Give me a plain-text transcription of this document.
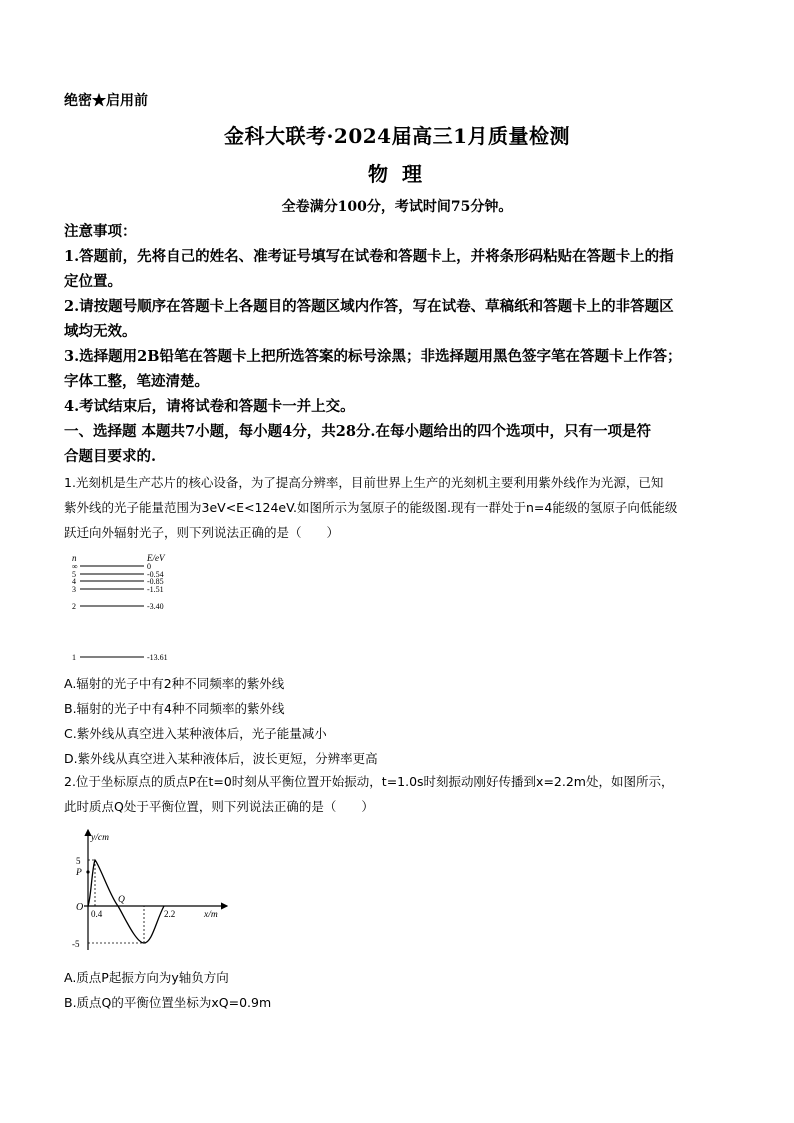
绝密★启用前
金科大联考·2024届高三1月质量检测
物理
全卷满分100分，考试时间75分钟。

注意事项：

1.答题前，先将自己的姓名、准考证号填写在试卷和答题卡上，并将条形码粘贴在答题卡上的指

定位置。

2.请按题号顺序在答题卡上各题目的答题区域内作答，写在试卷、草稿纸和答题卡上的非答题区

域均无效。

3.选择题用2B铅笔在答题卡上把所选答案的标号涂黑；非选择题用黑色签字笔在答题卡上作答；

字体工整，笔迹清楚。

4.考试结束后，请将试卷和答题卡一并上交。

一、选择题 本题共7小题，每小题4分，共28分.在每小题给出的四个选项中，只有一项是符

合题目要求的.

1.光刻机是生产芯片的核心设备，为了提高分辨率，目前世界上生产的光刻机主要利用紫外线作为光源，已知

紫外线的光子能量范围为3eV<E<124eV.如图所示为氢原子的能级图.现有一群处于n=4能级的氢原子向低能级

跃迁向外辐射光子，则下列说法正确的是（　　）

n	E/eV
∞	0
5	-0.54
4	-0.85
3	-1.51
2	-3.40
1	-13.61
A.辐射的光子中有2种不同频率的紫外线
B.辐射的光子中有4种不同频率的紫外线
C.紫外线从真空进入某种液体后，光子能量减小
D.紫外线从真空进入某种液体后，波长更短，分辨率更高

2.位于坐标原点的质点P在t=0时刻从平衡位置开始振动，t=1.0s时刻振动刚好传播到x=2.2m处，如图所示，

此时质点Q处于平衡位置，则下列说法正确的是（　　）

y/cm
x/m
O
5
-5
0.4	2.2
P
Q
A.质点P起振方向为y轴负方向
B.质点Q的平衡位置坐标为xQ=0.9m
